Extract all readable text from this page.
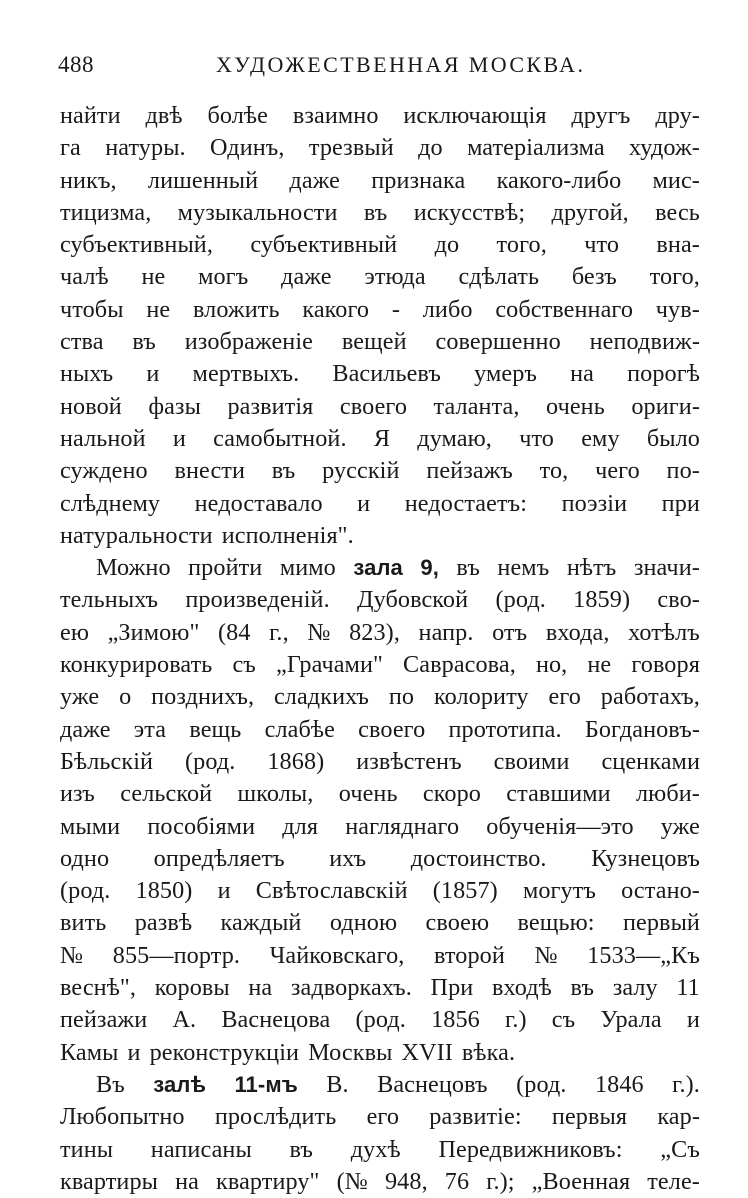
488	ХУДОЖЕСТВЕННАЯ МОСКВА.
найти двѣ болѣе взаимно исключающія другъ дру-
га натуры. Одинъ, трезвый до матеріализма худож-
никъ, лишенный даже признака какого-либо мис-
тицизма, музыкальности въ искусствѣ; другой, весь
субъективный, субъективный до того, что вна-
чалѣ не могъ даже этюда сдѣлать безъ того,
чтобы не вложить какого - либо собственнаго чув-
ства въ изображеніе вещей совершенно неподвиж-
ныхъ и мертвыхъ. Васильевъ умеръ на порогѣ
новой фазы развитія своего таланта, очень ориги-
нальной и самобытной. Я думаю, что ему было
суждено внести въ русскій пейзажъ то, чего по-
слѣднему недоставало и недостаетъ: поэзіи при
натуральности исполненія".
Можно пройти мимо зала 9, въ немъ нѣтъ значи-
тельныхъ произведеній. Дубовской (род. 1859) сво-
ею „Зимою" (84 г., № 823), напр. отъ входа, хотѣлъ
конкурировать съ „Грачами" Саврасова, но, не говоря
уже о позднихъ, сладкихъ по колориту его работахъ,
даже эта вещь слабѣе своего прототипа. Богдановъ-
Бѣльскій (род. 1868) извѣстенъ своими сценками
изъ сельской школы, очень скоро ставшими люби-
мыми пособіями для нагляднаго обученія—это уже
одно опредѣляетъ ихъ достоинство. Кузнецовъ
(род. 1850) и Свѣтославскій (1857) могутъ останo-
вить развѣ каждый одною своею вещью: первый
№ 855—портр. Чайковскаго, второй № 1533—„Къ
веснѣ", коровы на задворкахъ. При входѣ въ залу 11
пейзажи А. Васнецова (род. 1856 г.) съ Урала и
Камы и реконструкціи Москвы XVII вѣка.
Въ залѣ 11-мъ В. Васнецовъ (род. 1846 г.).
Любопытно прослѣдить его развитіе: первыя кар-
тины написаны въ духѣ Передвижниковъ: „Съ
квартиры на квартиру" (№ 948, 76 г.); „Военная теле-
